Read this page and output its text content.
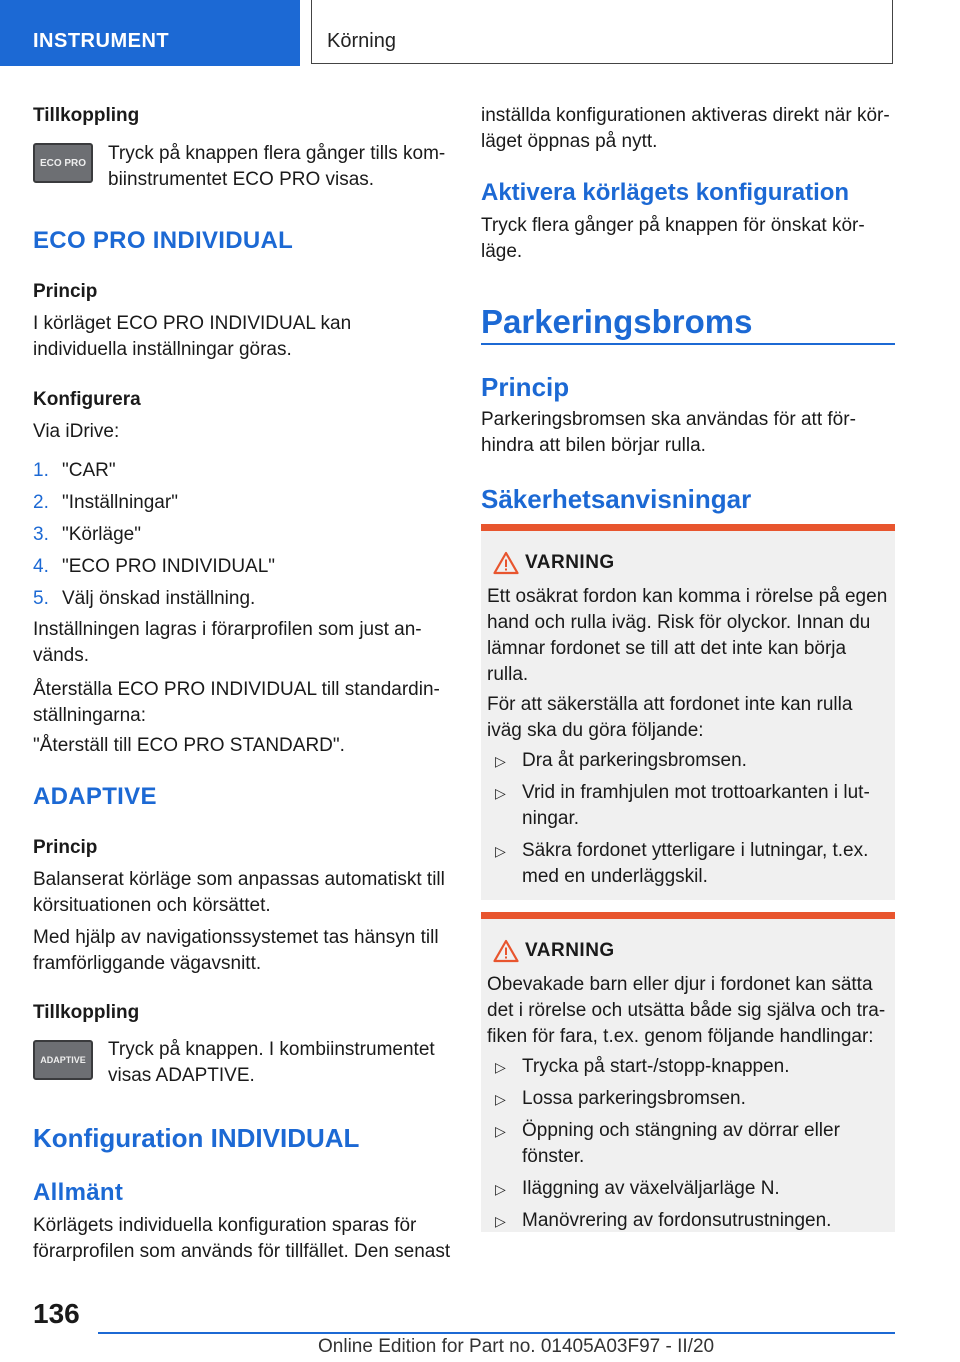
INSTRUMENT	Körning
Tillkoppling
ECO PRO Tryck på knappen flera gånger tills kom-
biinstrumentet ECO PRO visas.

ECO PRO INDIVIDUAL
Princip

I körläget ECO PRO INDIVIDUAL kan individuella inställningar göras.

Konfigurera

Via iDrive:

1. "CAR"
2. "Inställningar"
3. "Körläge"
4. "ECO PRO INDIVIDUAL"
5. Välj önskad inställning.

Inställningen lagras i förarprofilen som just an-
vänds.

Återställa ECO PRO INDIVIDUAL till standardin-
ställningarna:

"Återställ till ECO PRO STANDARD".

ADAPTIVE
Princip

Balanserat körläge som anpassas automatiskt till körsituationen och körsättet.

Med hjälp av navigationssystemet tas hänsyn till framförliggande vägavsnitt.

Tillkoppling
ADAPTIVE Tryck på knappen. I kombiinstrumentet visas ADAPTIVE.

Konfiguration INDIVIDUAL
Allmänt

Körlägets individuella konfiguration sparas för förarprofilen som används för tillfället. Den senast

inställda konfigurationen aktiveras direkt när kör-
läget öppnas på nytt.

Aktivera körlägets konfiguration

Tryck flera gånger på knappen för önskat kör-
läge.

Parkeringsbroms
Princip

Parkeringsbromsen ska användas för att för-
hindra att bilen börjar rulla.

Säkerhetsanvisningar
VARNING

Ett osäkrat fordon kan komma i rörelse på egen hand och rulla iväg. Risk för olyckor. Innan du lämnar fordonet se till att det inte kan börja rulla.

För att säkerställa att fordonet inte kan rulla iväg ska du göra följande:

▷ Dra åt parkeringsbromsen.
▷ Vrid in framhjulen mot trottoarkanten i lut-
ningar.
▷ Säkra fordonet ytterligare i lutningar, t.ex.
med en underläggskil.
VARNING

Obevakade barn eller djur i fordonet kan sätta det i rörelse och utsätta både sig själva och tra-
fiken för fara, t.ex. genom följande handlingar:

▷ Trycka på start-/stopp-knappen.
▷ Lossa parkeringsbromsen.
▷ Öppning och stängning av dörrar eller
fönster.
▷ Iläggning av växelväljarläge N.
▷ Manövrering av fordonsutrustningen.
136
Online Edition for Part no. 01405A03F97 - II/20
